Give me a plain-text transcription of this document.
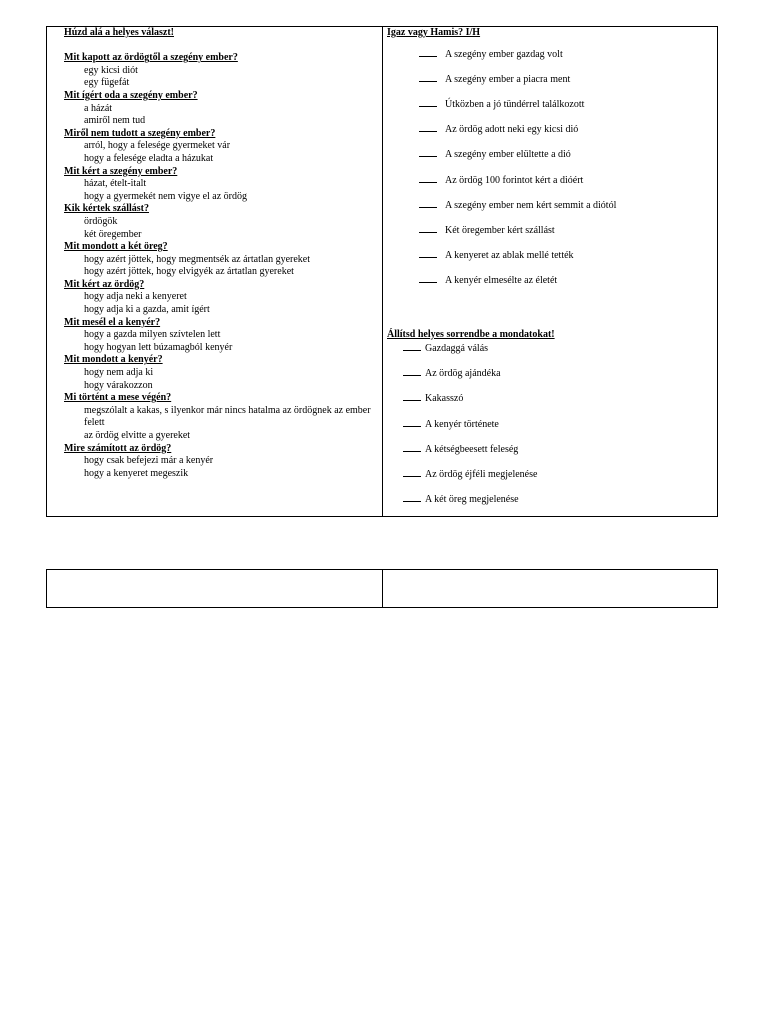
Húzd alá a helyes választ!
Mit kapott az ördögtől a szegény ember?
egy kicsi diót
egy fügefát
Mit ígért oda a szegény ember?
a házát
amiről nem tud
Miről nem tudott a szegény ember?
arról, hogy a felesége gyermeket vár
hogy a felesége eladta a házukat
Mit kért a szegény ember?
házat, ételt-italt
hogy a gyermekét nem vigye el az ördög
Kik kértek szállást?
ördögök
két öregember
Mit mondott a két öreg?
hogy azért jöttek, hogy megmentsék az ártatlan gyereket
hogy azért jöttek, hogy elvigyék az ártatlan gyereket
Mit kért az ördög?
hogy adja neki a kenyeret
hogy adja ki a gazda, amit ígért
Mit mesél el a kenyér?
hogy a gazda milyen szívtelen lett
hogy hogyan lett búzamagból kenyér
Mit mondott a kenyér?
hogy nem adja ki
hogy várakozzon
Mi történt a mese végén?
megszólalt a kakas, s ilyenkor már nincs hatalma az ördögnek az ember felett
az ördög elvitte a gyereket
Mire számított az ördög?
hogy csak befejezi már a kenyér
hogy a kenyeret megeszik
Igaz vagy Hamis? I/H
A szegény ember gazdag volt
A szegény ember a piacra ment
Útközben a jó tündérrel találkozott
Az ördög adott neki egy kicsi dió
A szegény ember elültette a dió
Az ördög 100 forintot kért a dióért
A szegény ember nem kért semmit a diótól
Két öregember kért szállást
A kenyeret az ablak mellé tették
A kenyér elmesélte az életét
Állítsd helyes sorrendbe a mondatokat!
Gazdaggá válás
Az ördög ajándéka
Kakasszó
A kenyér története
A kétségbeesett feleség
Az ördög éjféli megjelenése
A két öreg megjelenése
